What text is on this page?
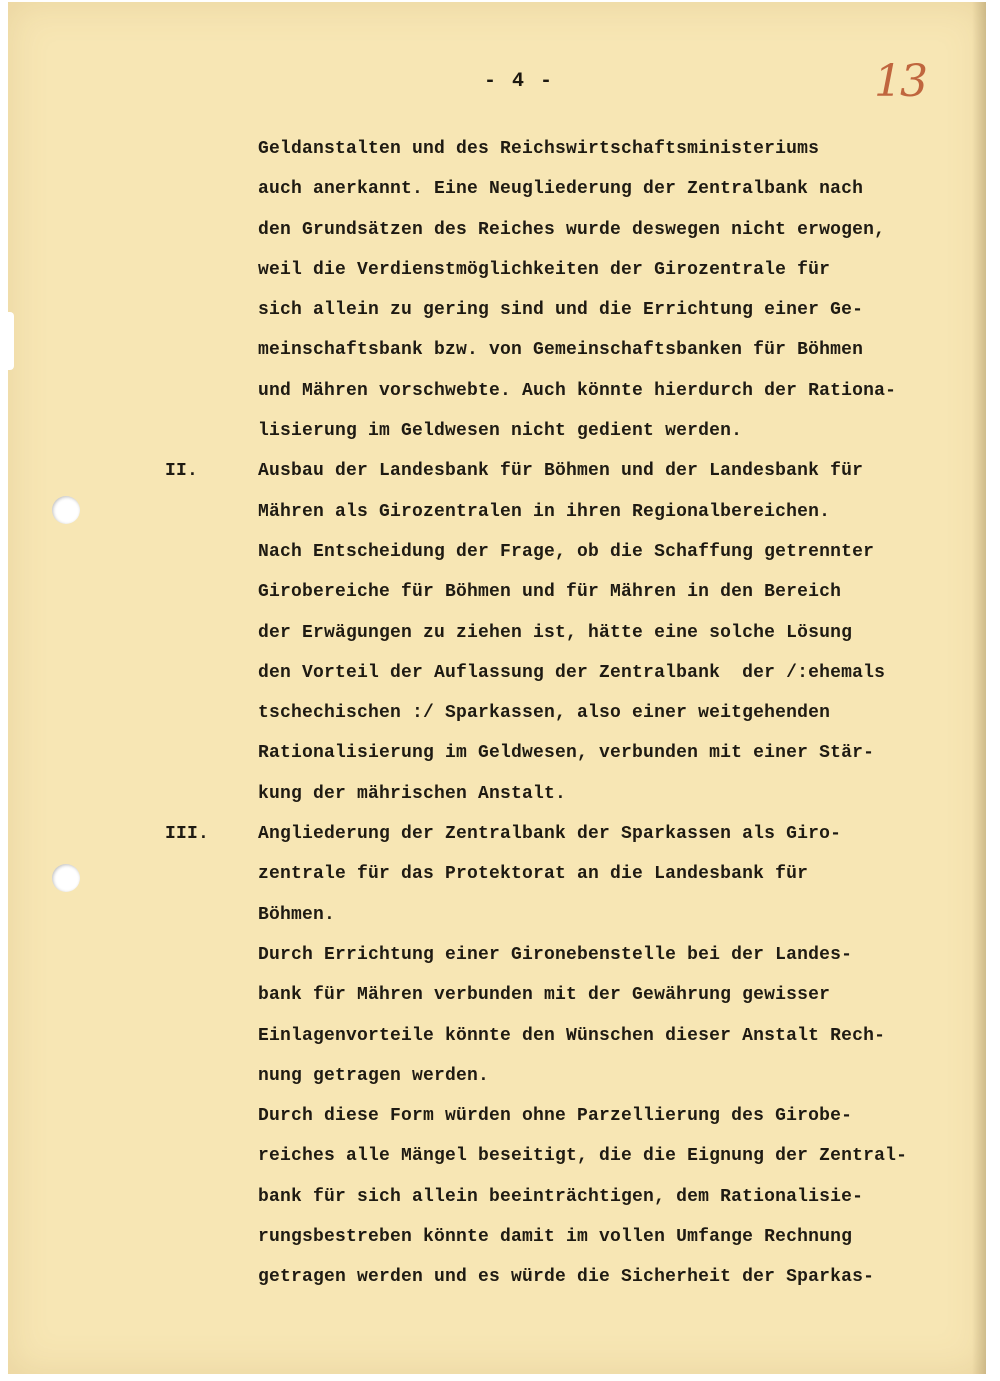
- 4 -	13
Geldanstalten und des Reichswirtschaftsministeriums
auch anerkannt. Eine Neugliederung der Zentralbank nach
den Grundsätzen des Reiches wurde deswegen nicht erwogen,
weil die Verdienstmöglichkeiten der Girozentrale für
sich allein zu gering sind und die Errichtung einer Ge-
meinschaftsbank bzw. von Gemeinschaftsbanken für Böhmen
und Mähren vorschwebte. Auch könnte hierdurch der Rationa-
lisierung im Geldwesen nicht gedient werden.
II.	Ausbau der Landesbank für Böhmen und der Landesbank für
Mähren als Girozentralen in ihren Regionalbereichen.
Nach Entscheidung der Frage, ob die Schaffung getrennter
Girobereiche für Böhmen und für Mähren in den Bereich
der Erwägungen zu ziehen ist, hätte eine solche Lösung
den Vorteil der Auflassung der Zentralbank  der /:ehemals
tschechischen :/ Sparkassen, also einer weitgehenden
Rationalisierung im Geldwesen, verbunden mit einer Stär-
kung der mährischen Anstalt.
III.	Angliederung der Zentralbank der Sparkassen als Giro-
zentrale für das Protektorat an die Landesbank für
Böhmen.
Durch Errichtung einer Gironebenstelle bei der Landes-
bank für Mähren verbunden mit der Gewährung gewisser
Einlagenvorteile könnte den Wünschen dieser Anstalt Rech-
nung getragen werden.
Durch diese Form würden ohne Parzellierung des Girobe-
reiches alle Mängel beseitigt, die die Eignung der Zentral-
bank für sich allein beeinträchtigen, dem Rationalisie-
rungsbestreben könnte damit im vollen Umfange Rechnung
getragen werden und es würde die Sicherheit der Sparkas-
